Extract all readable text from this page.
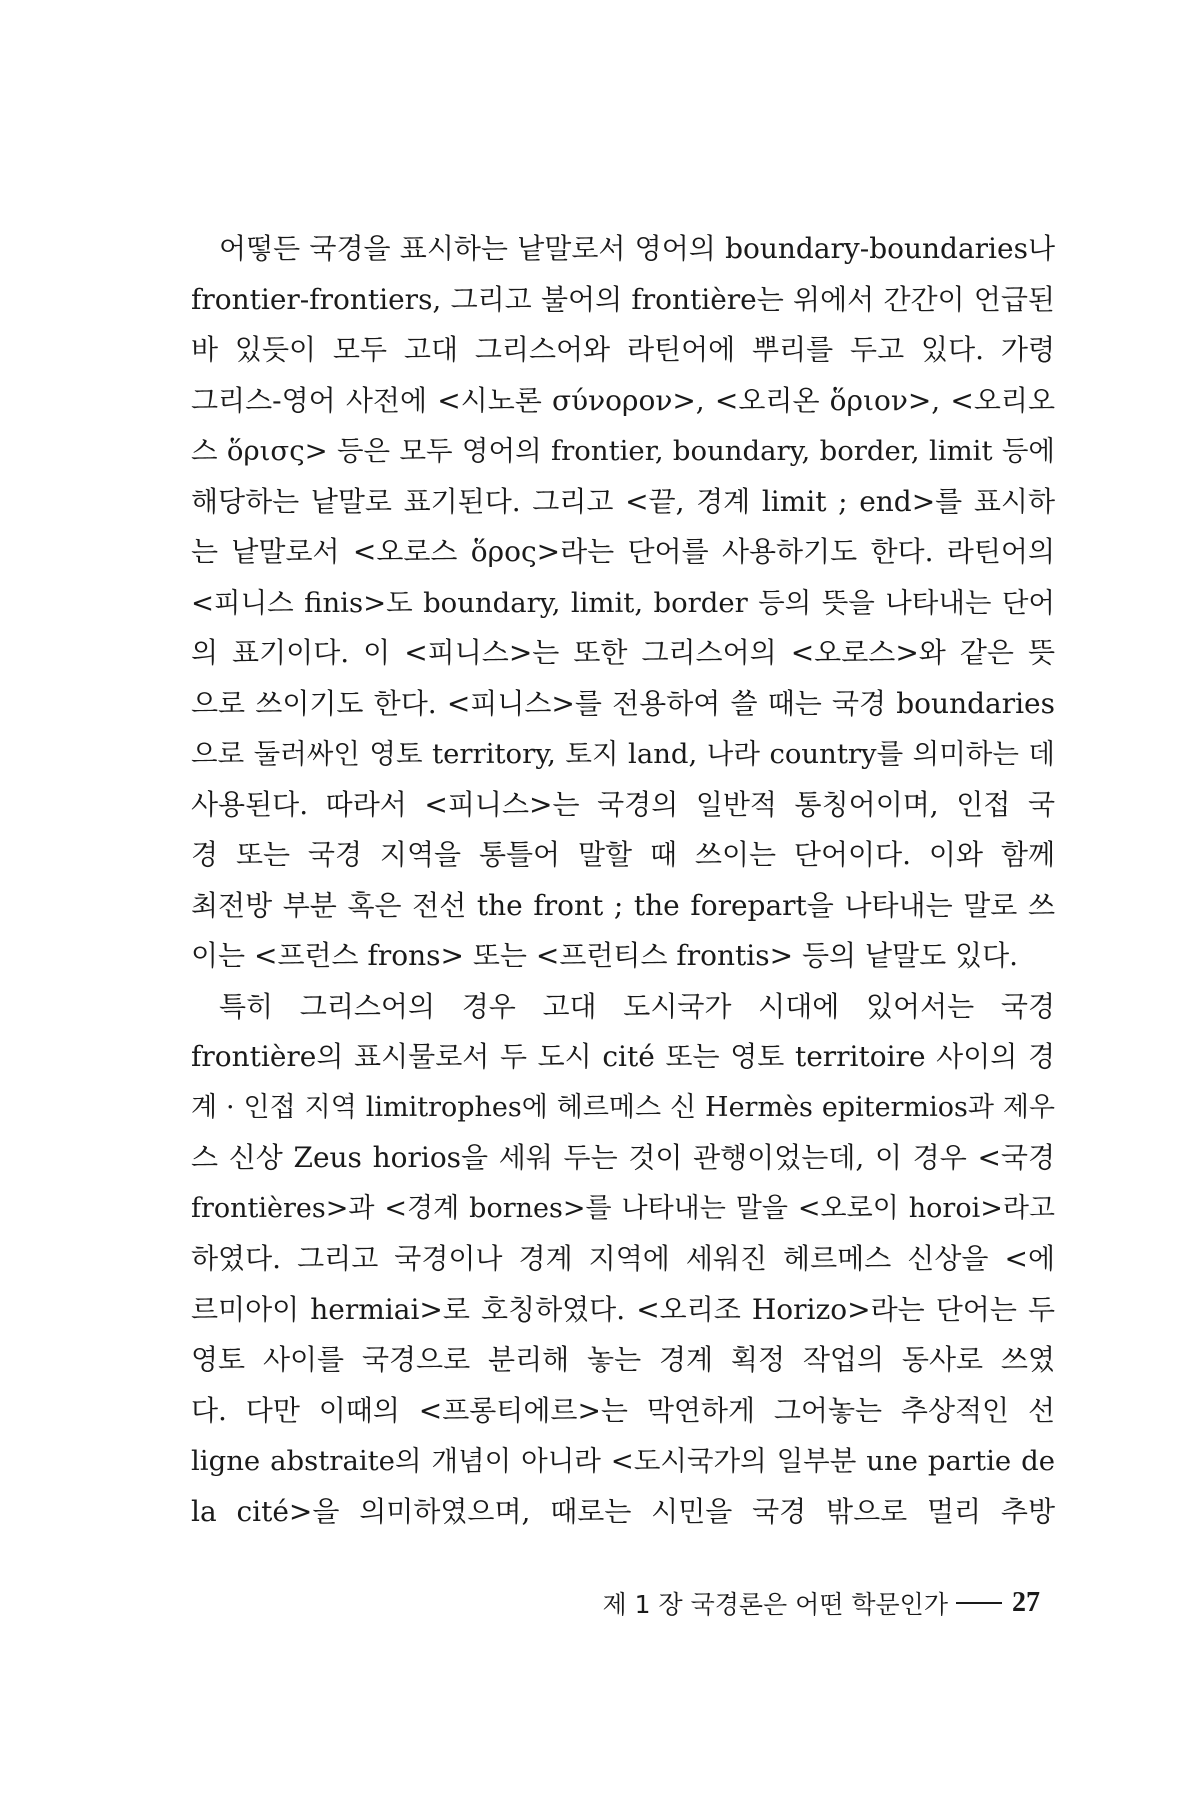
어떻든 국경을 표시하는 낱말로서 영어의 boundary-boundaries나
frontier-frontiers, 그리고 불어의 frontière는 위에서 간간이 언급된
바 있듯이 모두 고대 그리스어와 라틴어에 뿌리를 두고 있다. 가령
그리스-영어 사전에 <시노론 σύνορον>, <오리온 ὅριον>, <오리오
스 ὅρισς> 등은 모두 영어의 frontier, boundary, border, limit 등에
해당하는 낱말로 표기된다. 그리고 <끝, 경계 limit ; end>를 표시하
는 낱말로서 <오로스 ὅρος>라는 단어를 사용하기도 한다. 라틴어의
<피니스 finis>도 boundary, limit, border 등의 뜻을 나타내는 단어
의 표기이다. 이 <피니스>는 또한 그리스어의 <오로스>와 같은 뜻
으로 쓰이기도 한다. <피니스>를 전용하여 쓸 때는 국경 boundaries
으로 둘러싸인 영토 territory, 토지 land, 나라 country를 의미하는 데
사용된다. 따라서 <피니스>는 국경의 일반적 통칭어이며, 인접 국
경 또는 국경 지역을 통틀어 말할 때 쓰이는 단어이다. 이와 함께
최전방 부분 혹은 전선 the front ; the forepart을 나타내는 말로 쓰
이는 <프런스 frons> 또는 <프런티스 frontis> 등의 낱말도 있다.

특히 그리스어의 경우 고대 도시국가 시대에 있어서는 국경
frontière의 표시물로서 두 도시 cité 또는 영토 territoire 사이의 경
계 · 인접 지역 limitrophes에 헤르메스 신 Hermès epitermios과 제우
스 신상 Zeus horios을 세워 두는 것이 관행이었는데, 이 경우 <국경
frontières>과 <경계 bornes>를 나타내는 말을 <오로이 horoi>라고
하였다. 그리고 국경이나 경계 지역에 세워진 헤르메스 신상을 <에
르미아이 hermiai>로 호칭하였다. <오리조 Horizo>라는 단어는 두
영토 사이를 국경으로 분리해 놓는 경계 획정 작업의 동사로 쓰였
다. 다만 이때의 <프롱티에르>는 막연하게 그어놓는 추상적인 선
ligne abstraite의 개념이 아니라 <도시국가의 일부분 une partie de
la cité>을 의미하였으며, 때로는 시민을 국경 밖으로 멀리 추방

제 1 장 국경론은 어떤 학문인가 27
